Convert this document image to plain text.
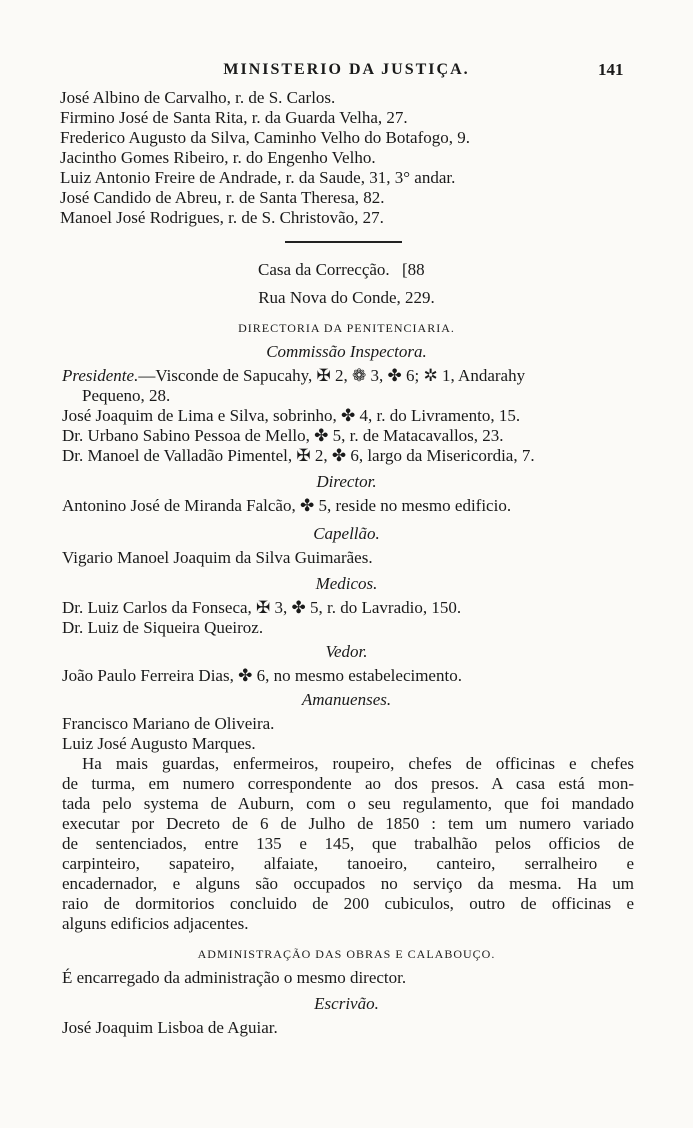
MINISTERIO DA JUSTIÇA.	141
José Albino de Carvalho, r. de S. Carlos.
Firmino José de Santa Rita, r. da Guarda Velha, 27.
Frederico Augusto da Silva, Caminho Velho do Botafogo, 9.
Jacintho Gomes Ribeiro, r. do Engenho Velho.
Luiz Antonio Freire de Andrade, r. da Saude, 31, 3° andar.
José Candido de Abreu, r. de Santa Theresa, 82.
Manoel José Rodrigues, r. de S. Christovão, 27.
Casa da Correcção. [88
Rua Nova do Conde, 229.
DIRECTORIA DA PENITENCIARIA.
Commissão Inspectora.
Presidente.—Visconde de Sapucahy, ✠ 2, ❁ 3, ✤ 6; ✲ 1, Andarahy
Pequeno, 28.
José Joaquim de Lima e Silva, sobrinho, ✤ 4, r. do Livramento, 15.
Dr. Urbano Sabino Pessoa de Mello, ✤ 5, r. de Matacavallos, 23.
Dr. Manoel de Valladão Pimentel, ✠ 2, ✤ 6, largo da Misericordia, 7.
Director.
Antonino José de Miranda Falcão, ✤ 5, reside no mesmo edificio.
Capellão.
Vigario Manoel Joaquim da Silva Guimarães.
Medicos.
Dr. Luiz Carlos da Fonseca, ✠ 3, ✤ 5, r. do Lavradio, 150.
Dr. Luiz de Siqueira Queiroz.
Vedor.
João Paulo Ferreira Dias, ✤ 6, no mesmo estabelecimento.
Amanuenses.
Francisco Mariano de Oliveira.
Luiz José Augusto Marques.
Ha mais guardas, enfermeiros, roupeiro, chefes de officinas e chefes
de turma, em numero correspondente ao dos presos. A casa está mon-
tada pelo systema de Auburn, com o seu regulamento, que foi mandado
executar por Decreto de 6 de Julho de 1850 : tem um numero variado
de sentenciados, entre 135 e 145, que trabalhão pelos officios de
carpinteiro, sapateiro, alfaiate, tanoeiro, canteiro, serralheiro e
encadernador, e alguns são occupados no serviço da mesma. Ha um
raio de dormitorios concluido de 200 cubiculos, outro de officinas e
alguns edificios adjacentes.
ADMINISTRAÇÃO DAS OBRAS E CALABOUÇO.
É encarregado da administração o mesmo director.
Escrivão.
José Joaquim Lisboa de Aguiar.
